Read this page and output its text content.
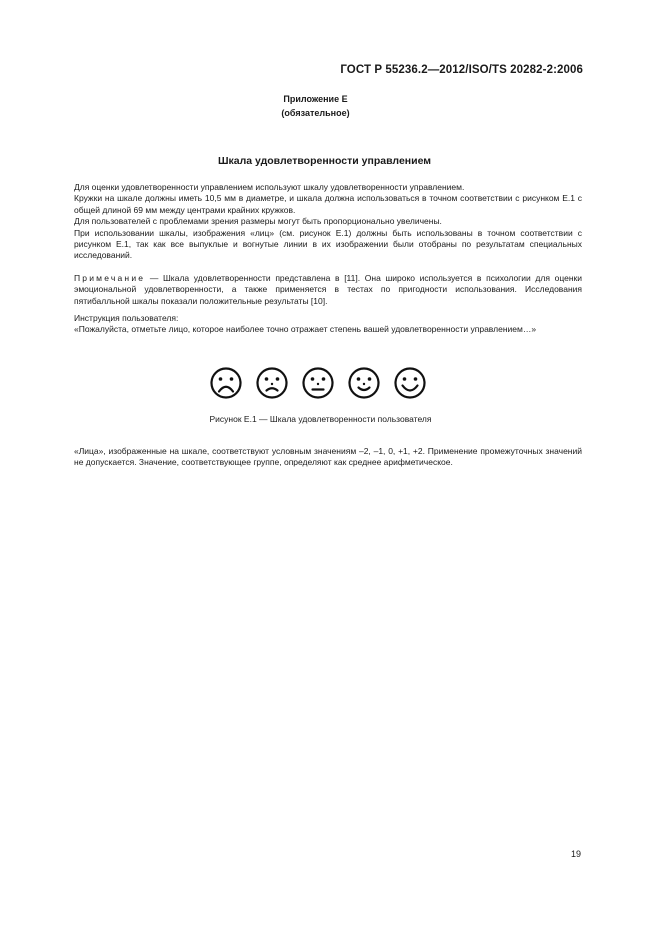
ГОСТ Р 55236.2—2012/ISO/TS 20282-2:2006
Приложение Е
(обязательное)
Шкала удовлетворенности управлением

Для оценки удовлетворенности управлением используют шкалу удовлетворенности управлением.

Кружки на шкале должны иметь 10,5 мм в диаметре, и шкала должна использоваться в точном соответствии с рисунком Е.1 с общей длиной 69 мм между центрами крайних кружков.

Для пользователей с проблемами зрения размеры могут быть пропорционально увеличены.

При использовании шкалы, изображения «лиц» (см. рисунок Е.1) должны быть использованы в точном соответствии с рисунком Е.1, так как все выпуклые и вогнутые линии в их изображении были отобраны по результатам специальных исследований.

Примечание — Шкала удовлетворенности представлена в [11]. Она широко используется в психологии для оценки эмоциональной удовлетворенности, а также применяется в тестах по пригодности использования. Исследования пятибалльной шкалы показали положительные результаты [10].

Инструкция пользователя:

«Пожалуйста, отметьте лицо, которое наиболее точно отражает степень вашей удовлетворенности управлением…»

Рисунок Е.1 — Шкала удовлетворенности пользователя

«Лица», изображенные на шкале, соответствуют условным значениям –2, –1, 0, +1, +2. Применение промежуточных значений не допускается. Значение, соответствующее группе, определяют как среднее арифметическое.

19
